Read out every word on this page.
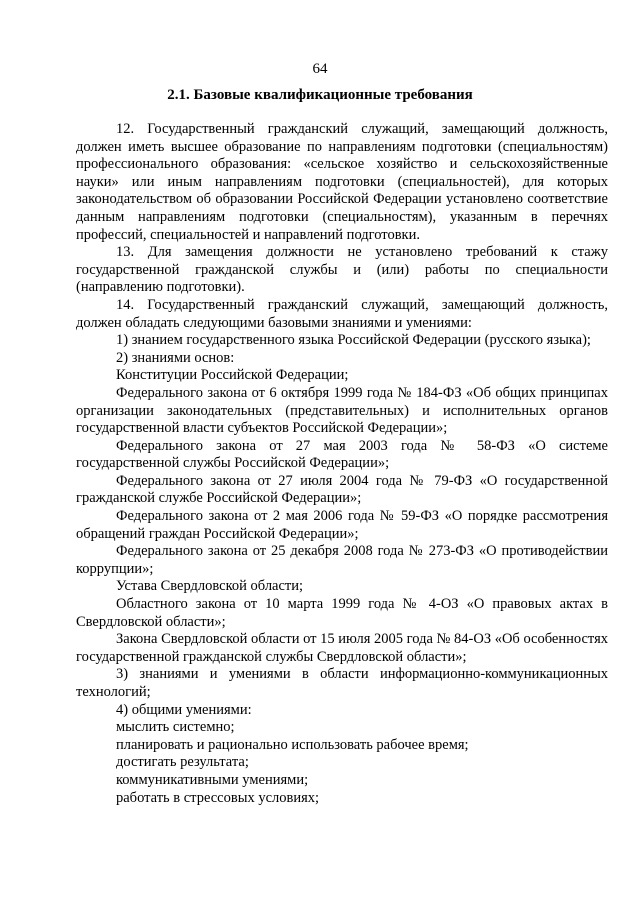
64
2.1. Базовые квалификационные требования

12. Государственный гражданский служащий, замещающий должность, должен иметь высшее образование по направлениям подготовки (специальностям) профессионального образования: «сельское хозяйство и сельскохозяйственные науки» или иным направлениям подготовки (специальностей), для которых законодательством об образовании Российской Федерации установлено соответствие данным направлениям подготовки (специальностям), указанным в перечнях профессий, специальностей и направлений подготовки.

13. Для замещения должности не установлено требований к стажу государственной гражданской службы и (или) работы по специальности (направлению подготовки).

14. Государственный гражданский служащий, замещающий должность, должен обладать следующими базовыми знаниями и умениями:

1) знанием государственного языка Российской Федерации (русского языка);

2) знаниями основ:

Конституции Российской Федерации;

Федерального закона от 6 октября 1999 года № 184-ФЗ «Об общих принципах организации законодательных (представительных) и исполнительных органов государственной власти субъектов Российской Федерации»;

Федерального закона от 27 мая 2003 года № 58-ФЗ «О системе государственной службы Российской Федерации»;

Федерального закона от 27 июля 2004 года № 79-ФЗ «О государственной гражданской службе Российской Федерации»;

Федерального закона от 2 мая 2006 года № 59-ФЗ «О порядке рассмотрения обращений граждан Российской Федерации»;

Федерального закона от 25 декабря 2008 года № 273-ФЗ «О противодействии коррупции»;

Устава Свердловской области;

Областного закона от 10 марта 1999 года № 4-ОЗ «О правовых актах в Свердловской области»;

Закона Свердловской области от 15 июля 2005 года № 84-ОЗ «Об особенностях государственной гражданской службы Свердловской области»;

3) знаниями и умениями в области информационно-коммуникационных технологий;

4) общими умениями:

мыслить системно;

планировать и рационально использовать рабочее время;

достигать результата;

коммуникативными умениями;

работать в стрессовых условиях;
